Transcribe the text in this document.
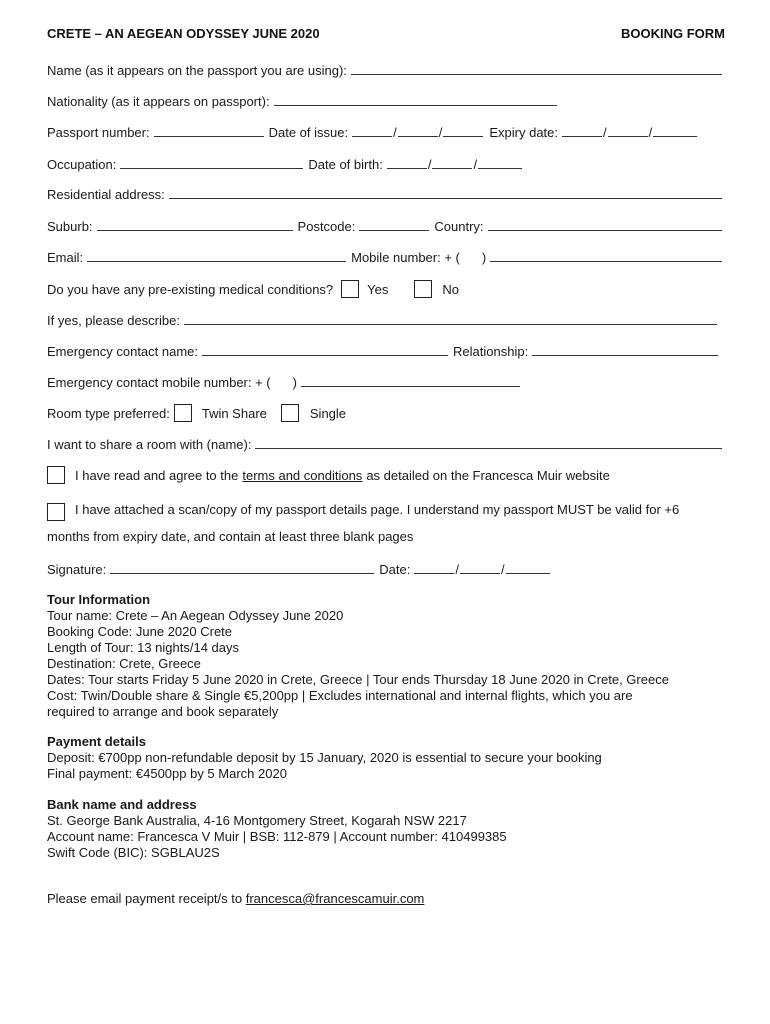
CRETE – AN AEGEAN ODYSSEY JUNE 2020	BOOKING FORM
Name (as it appears on the passport you are using):
Nationality (as it appears on passport):
Passport number:	Date of issue:	/	/	Expiry date:	/	/
Occupation:	Date of birth:	/	/
Residential address:
Suburb:	Postcode:	Country:
Email:	Mobile number: + ( )
Do you have any pre-existing medical conditions?	Yes	No
If yes, please describe:
Emergency contact name:	Relationship:
Emergency contact mobile number: + ( )
Room type preferred: Twin Share	Single
I want to share a room with (name):
I have read and agree to the terms and conditions as detailed on the Francesca Muir website
I have attached a scan/copy of my passport details page. I understand my passport MUST be valid for +6
months from expiry date, and contain at least three blank pages
Signature:	Date:	/	/
Tour Information
Tour name: Crete – An Aegean Odyssey June 2020
Booking Code: June 2020 Crete
Length of Tour: 13 nights/14 days
Destination: Crete, Greece
Dates: Tour starts Friday 5 June 2020 in Crete, Greece | Tour ends Thursday 18 June 2020 in Crete, Greece
Cost: Twin/Double share & Single €5,200pp | Excludes international and internal flights, which you are
required to arrange and book separately
Payment details
Deposit: €700pp non-refundable deposit by 15 January, 2020 is essential to secure your booking
Final payment: €4500pp by 5 March 2020
Bank name and address
St. George Bank Australia, 4-16 Montgomery Street, Kogarah NSW 2217
Account name: Francesca V Muir | BSB: 112-879 | Account number: 410499385
Swift Code (BIC): SGBLAU2S
Please email payment receipt/s to francesca@francescamuir.com
